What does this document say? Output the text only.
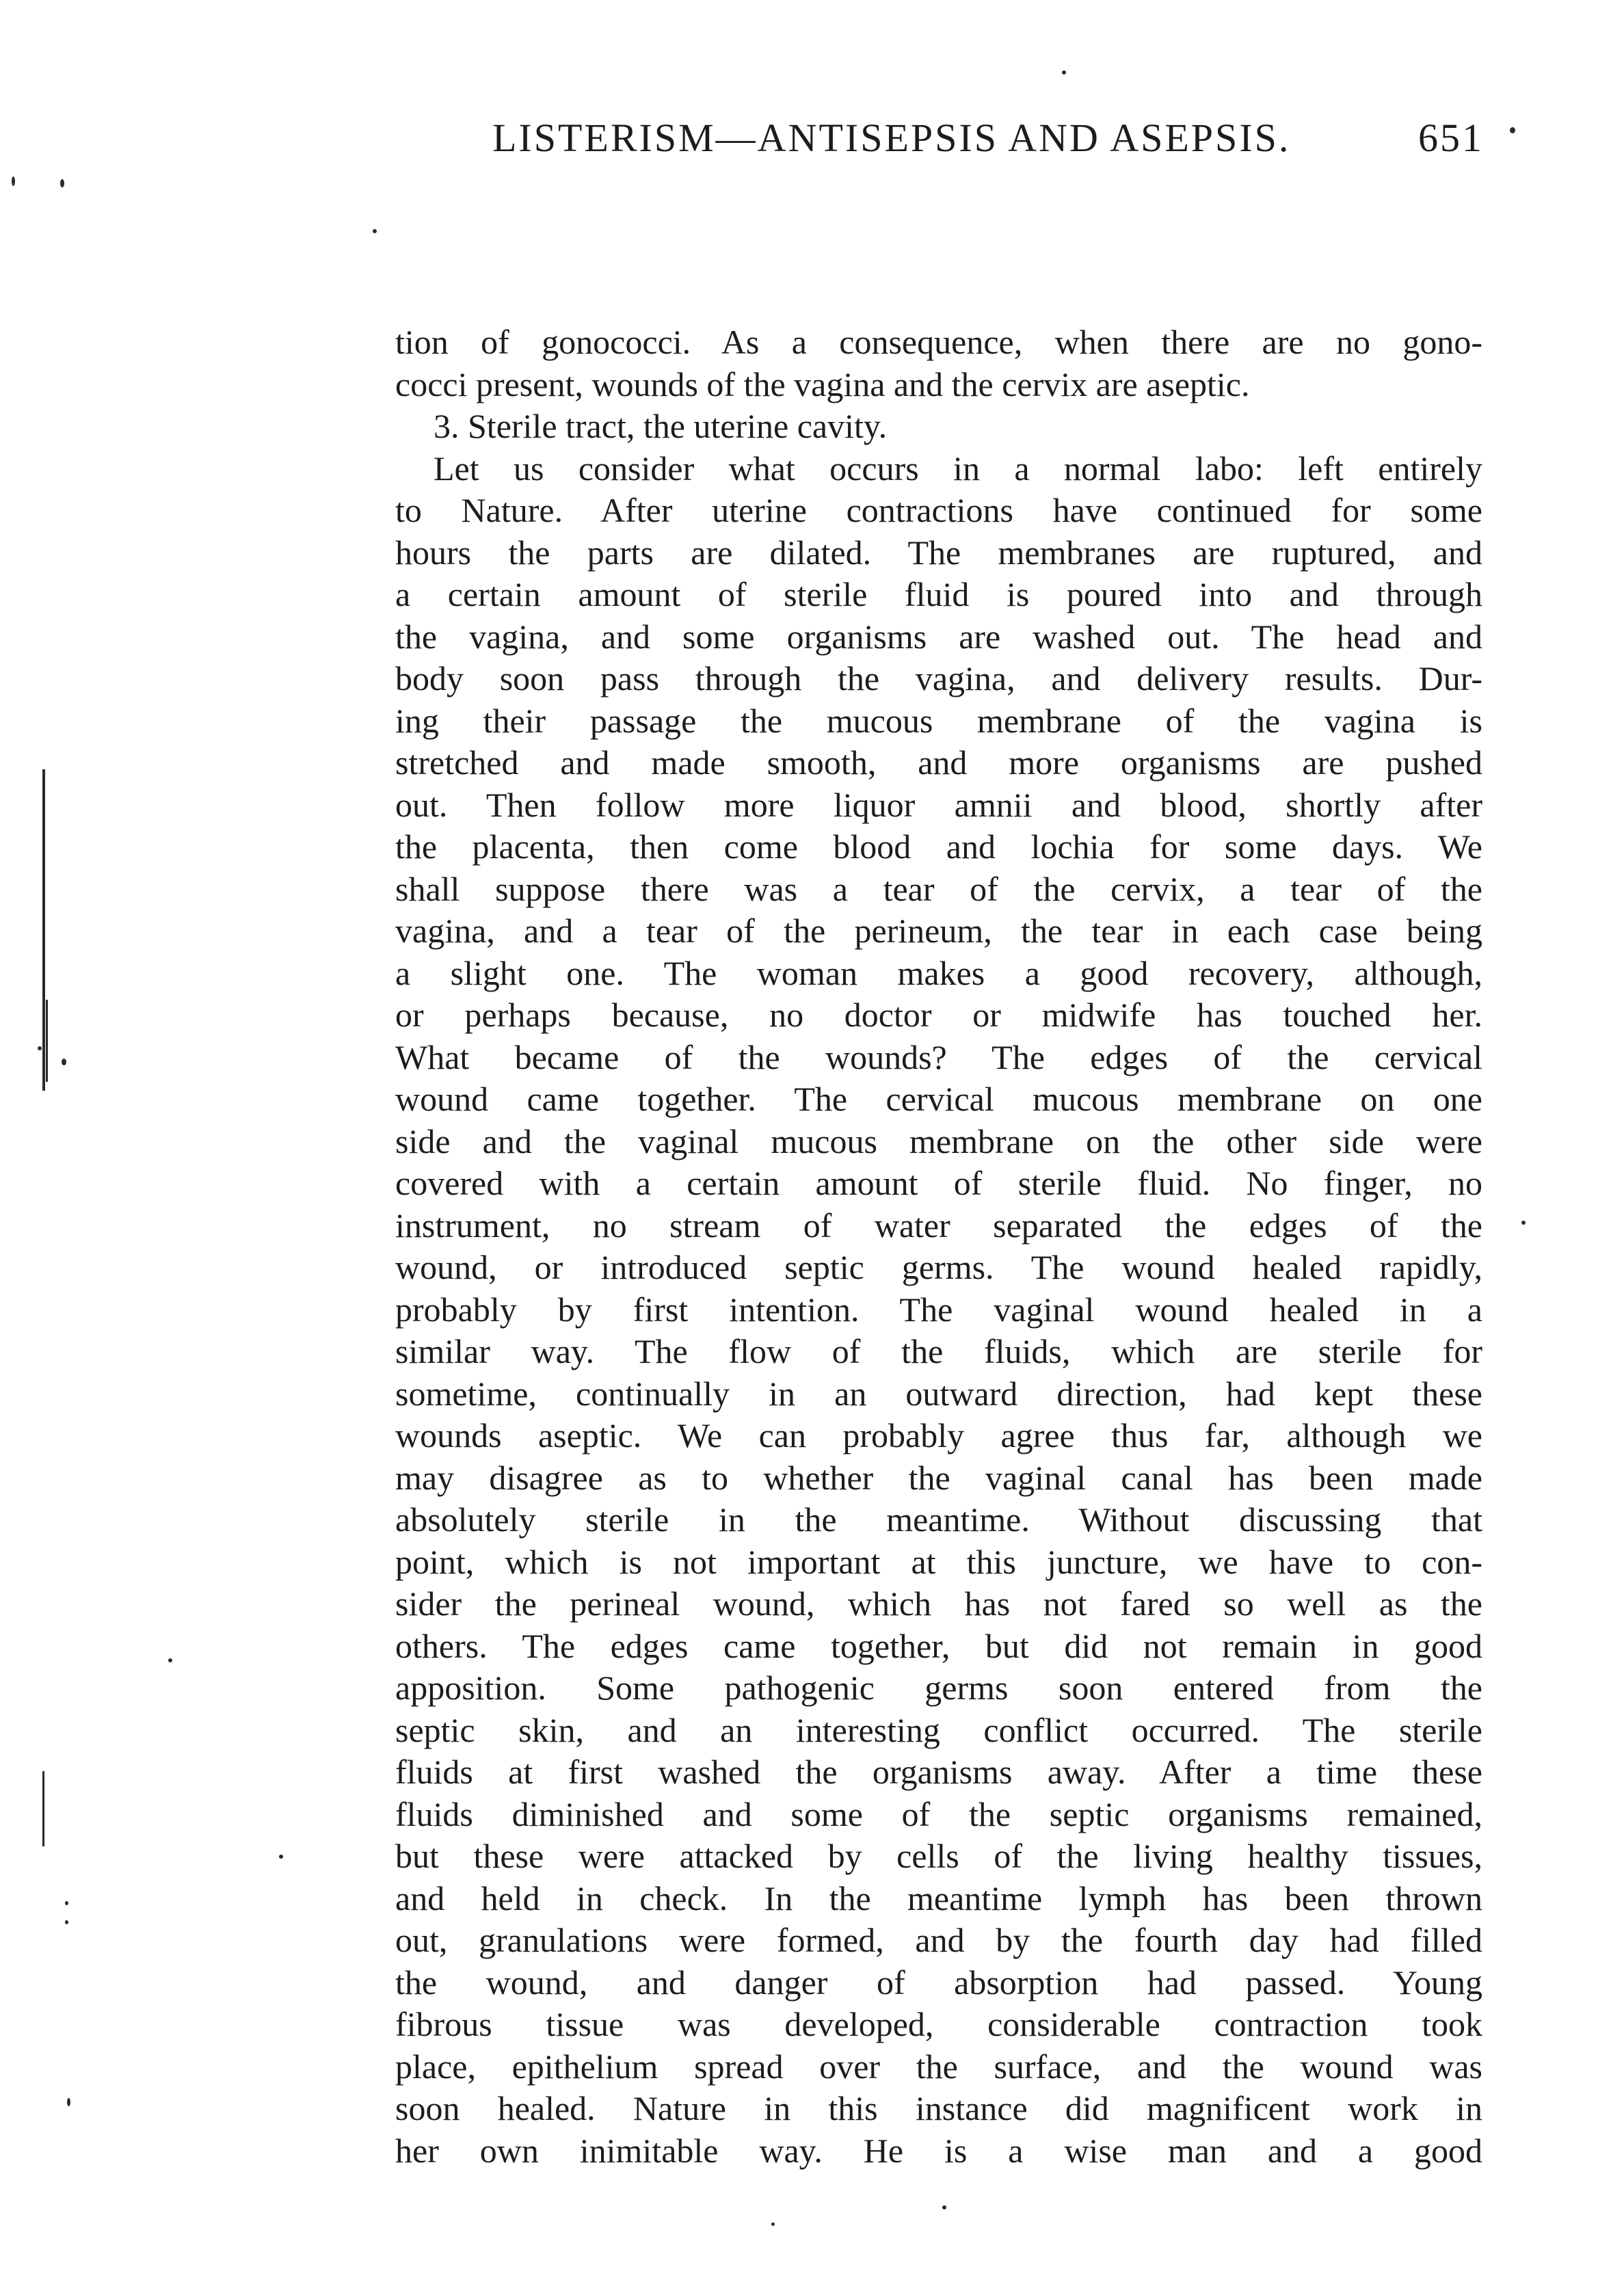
LISTERISM—ANTISEPSIS AND ASEPSIS.	651
tion of gonococci. As a consequence, when there are no gono-
cocci present, wounds of the vagina and the cervix are aseptic.
3. Sterile tract, the uterine cavity.
Let us consider what occurs in a normal labo: left entirely
to Nature. After uterine contractions have continued for some
hours the parts are dilated. The membranes are ruptured, and
a certain amount of sterile fluid is poured into and through
the vagina, and some organisms are washed out. The head and
body soon pass through the vagina, and delivery results. Dur-
ing their passage the mucous membrane of the vagina is
stretched and made smooth, and more organisms are pushed
out. Then follow more liquor amnii and blood, shortly after
the placenta, then come blood and lochia for some days. We
shall suppose there was a tear of the cervix, a tear of the
vagina, and a tear of the perineum, the tear in each case being
a slight one. The woman makes a good recovery, although,
or perhaps because, no doctor or midwife has touched her.
What became of the wounds? The edges of the cervical
wound came together. The cervical mucous membrane on one
side and the vaginal mucous membrane on the other side were
covered with a certain amount of sterile fluid. No finger, no
instrument, no stream of water separated the edges of the
wound, or introduced septic germs. The wound healed rapidly,
probably by first intention. The vaginal wound healed in a
similar way. The flow of the fluids, which are sterile for
sometime, continually in an outward direction, had kept these
wounds aseptic. We can probably agree thus far, although we
may disagree as to whether the vaginal canal has been made
absolutely sterile in the meantime. Without discussing that
point, which is not important at this juncture, we have to con-
sider the perineal wound, which has not fared so well as the
others. The edges came together, but did not remain in good
apposition. Some pathogenic germs soon entered from the
septic skin, and an interesting conflict occurred. The sterile
fluids at first washed the organisms away. After a time these
fluids diminished and some of the septic organisms remained,
but these were attacked by cells of the living healthy tissues,
and held in check. In the meantime lymph has been thrown
out, granulations were formed, and by the fourth day had filled
the wound, and danger of absorption had passed. Young
fibrous tissue was developed, considerable contraction took
place, epithelium spread over the surface, and the wound was
soon healed. Nature in this instance did magnificent work in
her own inimitable way. He is a wise man and a good
